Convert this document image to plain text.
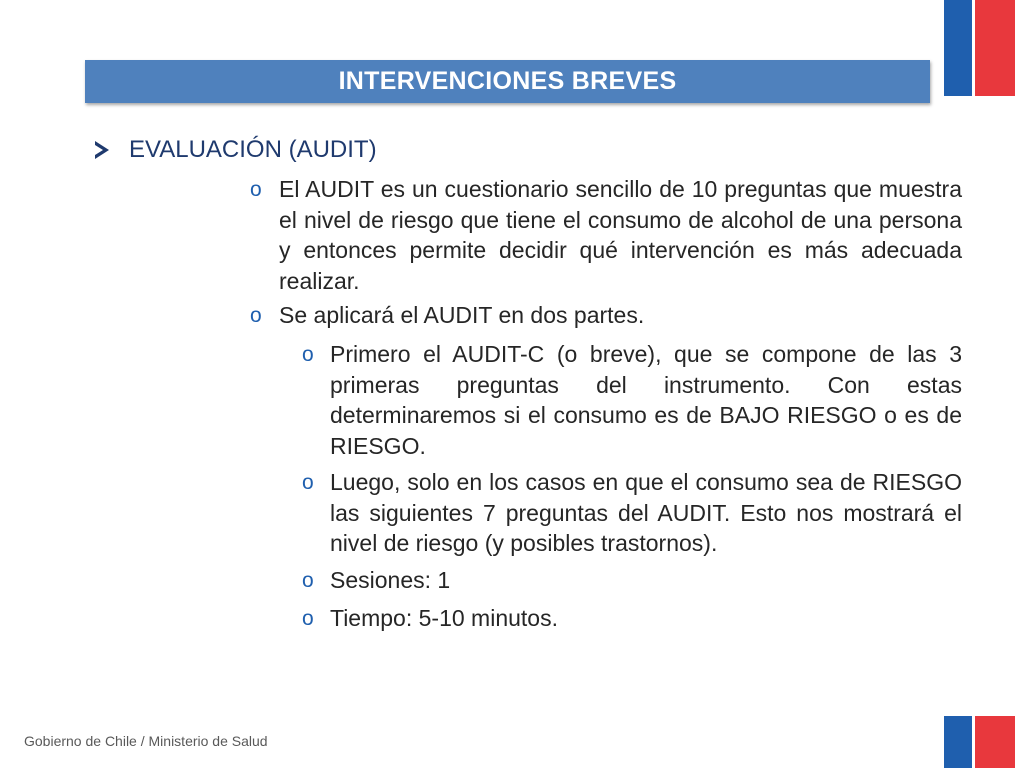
INTERVENCIONES BREVES
EVALUACIÓN (AUDIT)
o El AUDIT es un cuestionario sencillo de 10 preguntas que muestra el nivel de riesgo que tiene el consumo de alcohol de una persona y entonces permite decidir qué intervención es más adecuada realizar.
o Se aplicará el AUDIT en dos partes.
o Primero el AUDIT-C (o breve), que se compone de las 3 primeras preguntas del instrumento. Con estas determinaremos si el consumo es de BAJO RIESGO o es de RIESGO.
o Luego, solo en los casos en que el consumo sea de RIESGO las siguientes 7 preguntas del AUDIT. Esto nos mostrará el nivel de riesgo (y posibles trastornos).
o Sesiones: 1
o Tiempo: 5-10 minutos.
Gobierno de Chile / Ministerio de Salud
